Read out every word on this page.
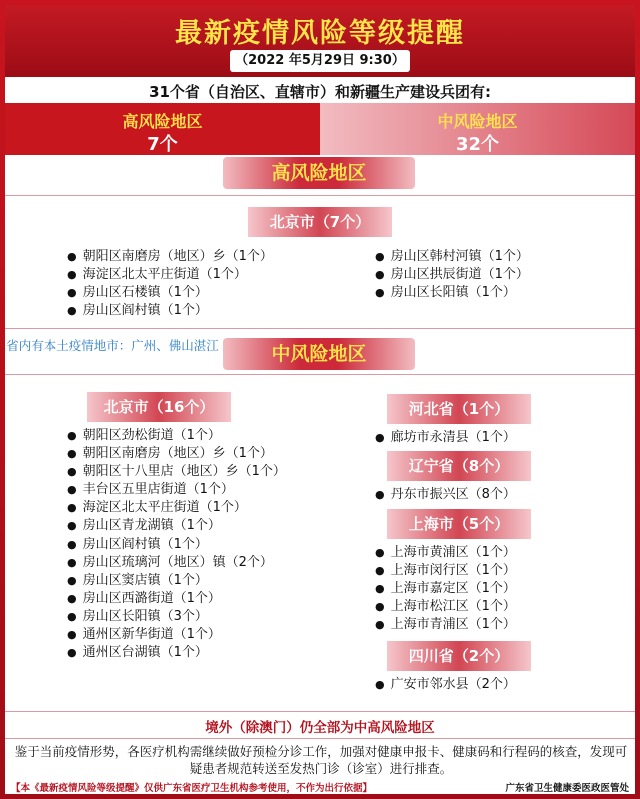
最新疫情风险等级提醒
（2022 年5月29日 9:30）
31个省（自治区、直辖市）和新疆生产建设兵团有:
高风险地区
7个
中风险地区
32个
高风险地区
北京市（7个）
● 朝阳区南磨房（地区）乡（1个）
● 海淀区北太平庄街道（1个）
● 房山区石楼镇（1个）
● 房山区阎村镇（1个）
● 房山区韩村河镇（1个）
● 房山区拱辰街道（1个）
● 房山区长阳镇（1个）
省内有本土疫情地市：广州、佛山湛江	中风险地区
北京市（16个）
● 朝阳区劲松街道（1个）
● 朝阳区南磨房（地区）乡（1个）
● 朝阳区十八里店（地区）乡（1个）
● 丰台区五里店街道（1个）
● 海淀区北太平庄街道（1个）
● 房山区青龙湖镇（1个）
● 房山区阎村镇（1个）
● 房山区琉璃河（地区）镇（2个）
● 房山区窦店镇（1个）
● 房山区西潞街道（1个）
● 房山区长阳镇（3个）
● 通州区新华街道（1个）
● 通州区台湖镇（1个）
河北省（1个）
● 廊坊市永清县（1个）
辽宁省（8个）
● 丹东市振兴区（8个）
上海市（5个）
● 上海市黄浦区（1个）
● 上海市闵行区（1个）
● 上海市嘉定区（1个）
● 上海市松江区（1个）
● 上海市青浦区（1个）
四川省（2个）
● 广安市邻水县（2个）
境外（除澳门）仍全部为中高风险地区
鉴于当前疫情形势，各医疗机构需继续做好预检分诊工作，加强对健康申报卡、健康码和行程码的核查，发现可疑患者规范转送至发热门诊（诊室）进行排查。
【本《最新疫情风险等级提醒》仅供广东省医疗卫生机构参考使用，不作为出行依据】	广东省卫生健康委医政医管处
